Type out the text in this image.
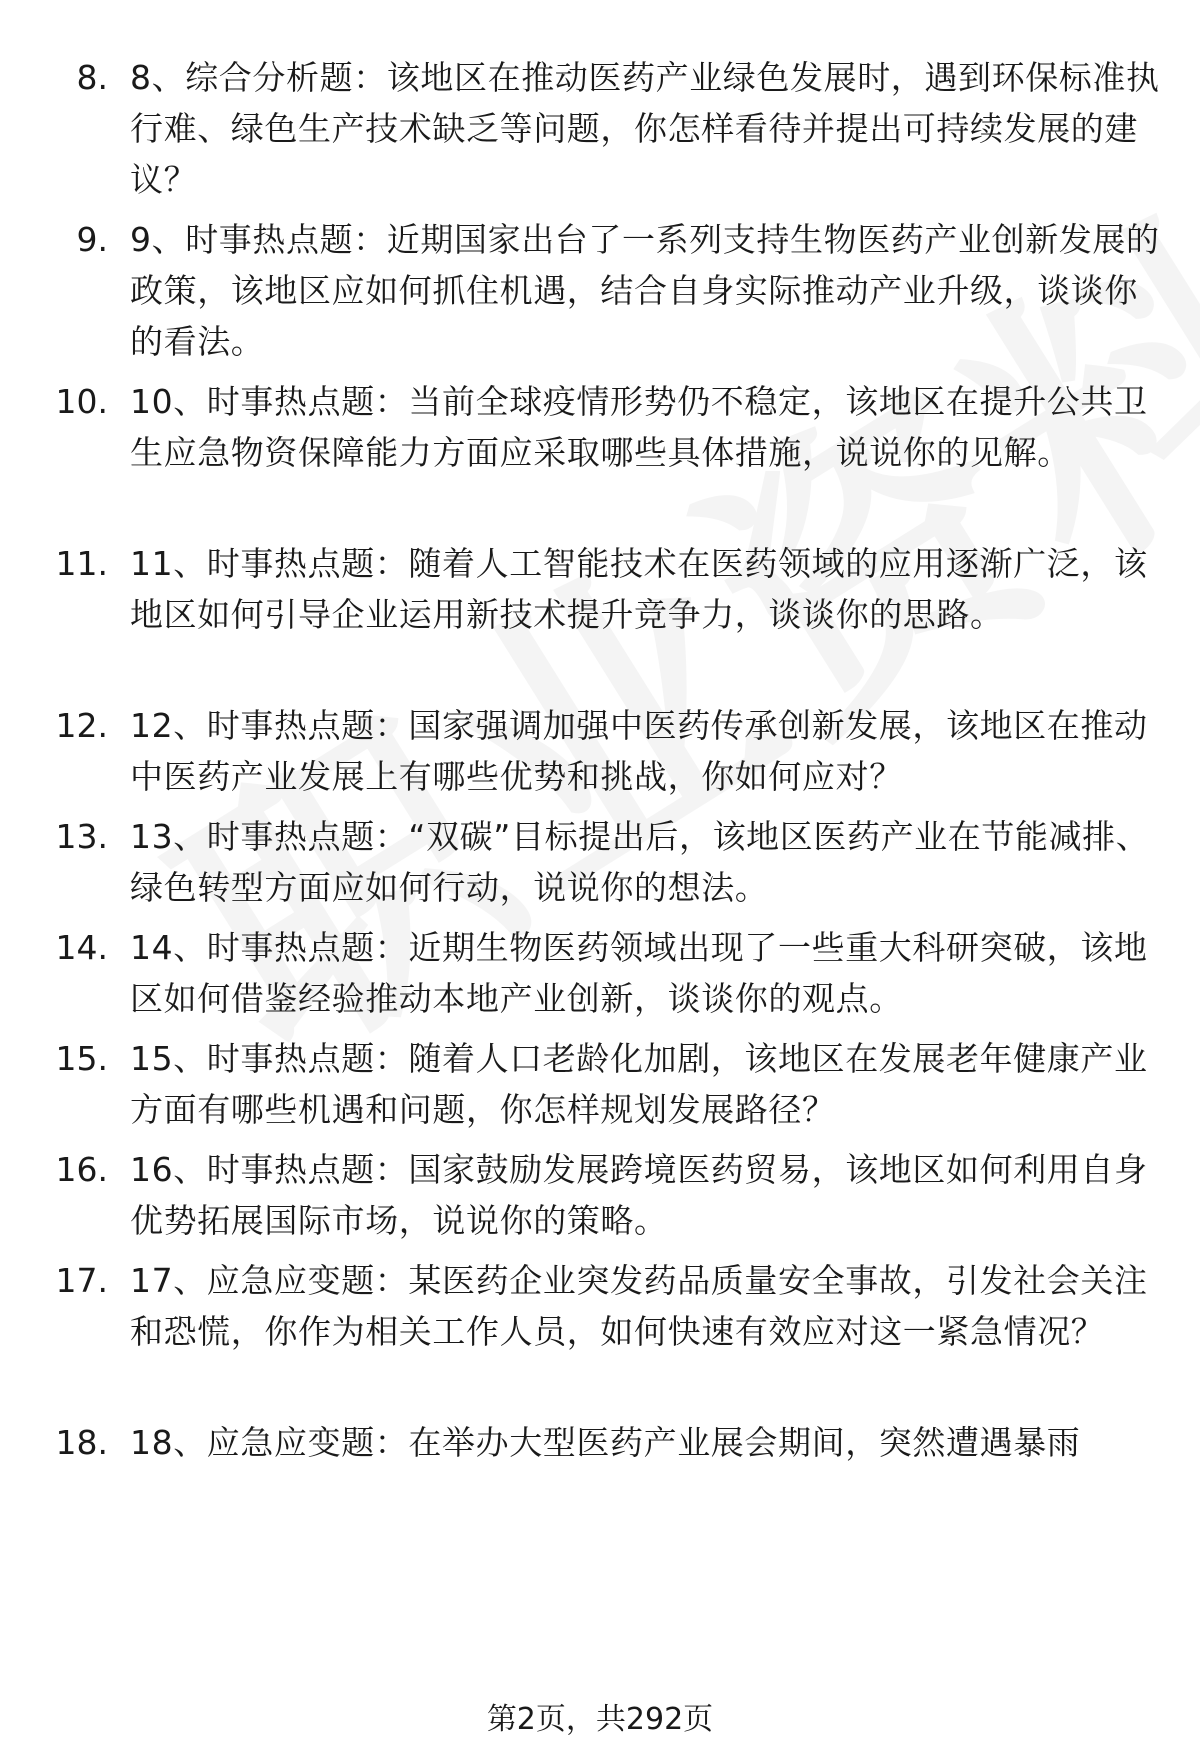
8. 8、综合分析题：该地区在推动医药产业绿色发展时，遇到环保标准执行难、绿色生产技术缺乏等问题，你怎样看待并提出可持续发展的建议？
9. 9、时事热点题：近期国家出台了一系列支持生物医药产业创新发展的政策，该地区应如何抓住机遇，结合自身实际推动产业升级，谈谈你的看法。
10. 10、时事热点题：当前全球疫情形势仍不稳定，该地区在提升公共卫生应急物资保障能力方面应采取哪些具体措施，说说你的见解。
11. 11、时事热点题：随着人工智能技术在医药领域的应用逐渐广泛，该地区如何引导企业运用新技术提升竞争力，谈谈你的思路。
12. 12、时事热点题：国家强调加强中医药传承创新发展，该地区在推动中医药产业发展上有哪些优势和挑战，你如何应对？
13. 13、时事热点题：“双碳”目标提出后，该地区医药产业在节能减排、绿色转型方面应如何行动，说说你的想法。
14. 14、时事热点题：近期生物医药领域出现了一些重大科研突破，该地区如何借鉴经验推动本地产业创新，谈谈你的观点。
15. 15、时事热点题：随着人口老龄化加剧，该地区在发展老年健康产业方面有哪些机遇和问题，你怎样规划发展路径？
16. 16、时事热点题：国家鼓励发展跨境医药贸易，该地区如何利用自身优势拓展国际市场，说说你的策略。
17. 17、应急应变题：某医药企业突发药品质量安全事故，引发社会关注和恐慌，你作为相关工作人员，如何快速有效应对这一紧急情况？
18. 18、应急应变题：在举办大型医药产业展会期间，突然遭遇暴雨
第2页，共292页
